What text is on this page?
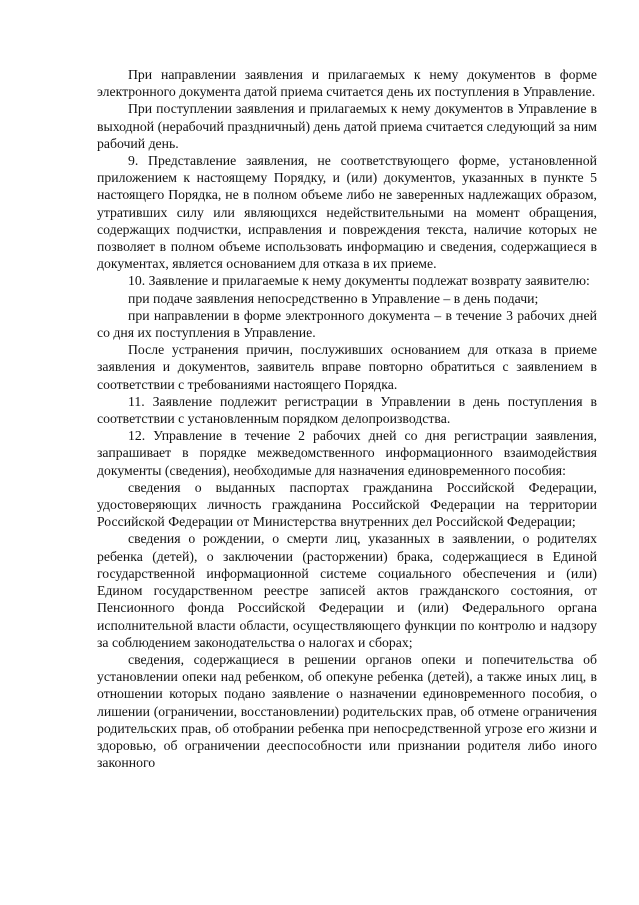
При направлении заявления и прилагаемых к нему документов в форме электронного документа датой приема считается день их поступления в Управление.

При поступлении заявления и прилагаемых к нему документов в Управление в выходной (нерабочий праздничный) день датой приема считается следующий за ним рабочий день.

9. Представление заявления, не соответствующего форме, установленной приложением к настоящему Порядку, и (или) документов, указанных в пункте 5 настоящего Порядка, не в полном объеме либо не заверенных надлежащих образом, утративших силу или являющихся недействительными на момент обращения, содержащих подчистки, исправления и повреждения текста, наличие которых не позволяет в полном объеме использовать информацию и сведения, содержащиеся в документах, является основанием для отказа в их приеме.

10. Заявление и прилагаемые к нему документы подлежат возврату заявителю:

при подаче заявления непосредственно в Управление – в день подачи;

при направлении в форме электронного документа – в течение 3 рабочих дней со дня их поступления в Управление.

После устранения причин, послуживших основанием для отказа в приеме заявления и документов, заявитель вправе повторно обратиться с заявлением в соответствии с требованиями настоящего Порядка.

11. Заявление подлежит регистрации в Управлении в день поступления в соответствии с установленным порядком делопроизводства.

12. Управление в течение 2 рабочих дней со дня регистрации заявления, запрашивает в порядке межведомственного информационного взаимодействия документы (сведения), необходимые для назначения единовременного пособия:

сведения о выданных паспортах гражданина Российской Федерации, удостоверяющих личность гражданина Российской Федерации на территории Российской Федерации от Министерства внутренних дел Российской Федерации;

сведения о рождении, о смерти лиц, указанных в заявлении, о родителях ребенка (детей), о заключении (расторжении) брака, содержащиеся в Единой государственной информационной системе социального обеспечения и (или) Едином государственном реестре записей актов гражданского состояния, от Пенсионного фонда Российской Федерации и (или) Федерального органа исполнительной власти области, осуществляющего функции по контролю и надзору за соблюдением законодательства о налогах и сборах;

сведения, содержащиеся в решении органов опеки и попечительства об установлении опеки над ребенком, об опекуне ребенка (детей), а также иных лиц, в отношении которых подано заявление о назначении единовременного пособия, о лишении (ограничении, восстановлении) родительских прав, об отмене ограничения родительских прав, об отобрании ребенка при непосредственной угрозе его жизни и здоровью, об ограничении дееспособности или признании родителя либо иного законного
